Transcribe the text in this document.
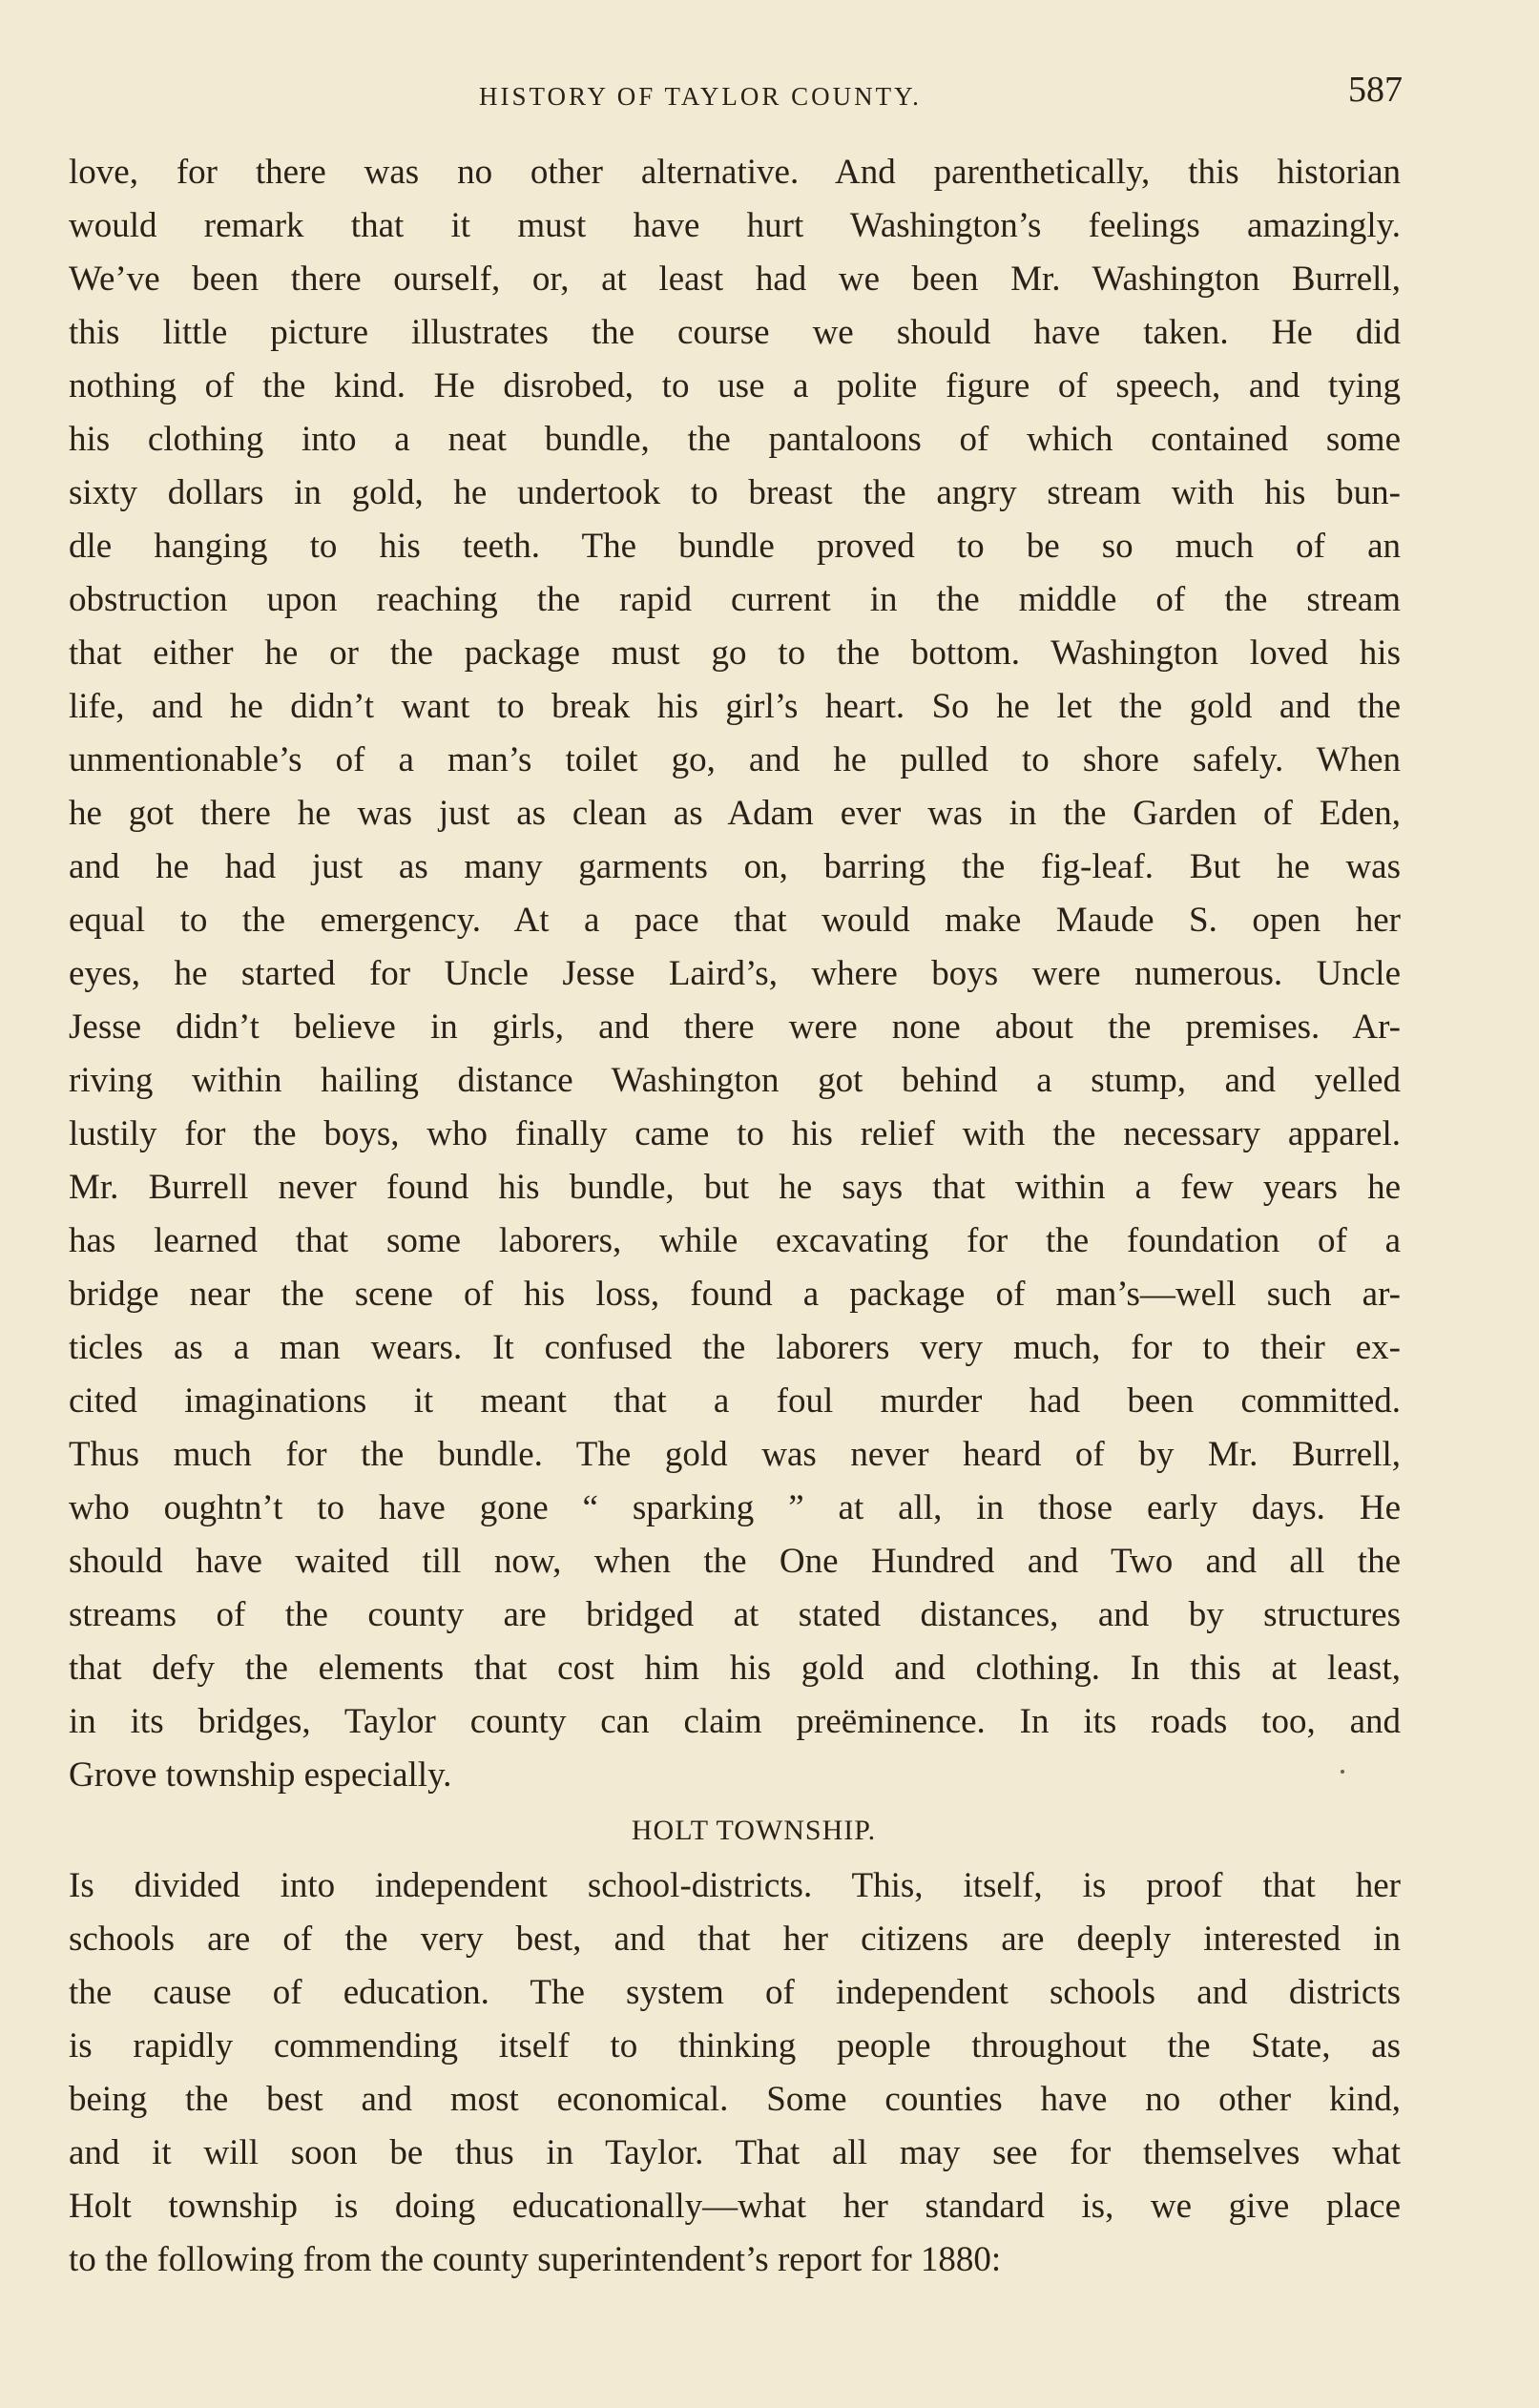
HISTORY OF TAYLOR COUNTY.	587
love, for there was no other alternative. And parenthetically, this historian
would remark that it must have hurt Washington’s feelings amazingly.
We’ve been there ourself, or, at least had we been Mr. Washington Burrell,
this little picture illustrates the course we should have taken. He did
nothing of the kind. He disrobed, to use a polite figure of speech, and tying
his clothing into a neat bundle, the pantaloons of which contained some
sixty dollars in gold, he undertook to breast the angry stream with his bun-
dle hanging to his teeth. The bundle proved to be so much of an
obstruction upon reaching the rapid current in the middle of the stream
that either he or the package must go to the bottom. Washington loved his
life, and he didn’t want to break his girl’s heart. So he let the gold and the
unmentionable’s of a man’s toilet go, and he pulled to shore safely. When
he got there he was just as clean as Adam ever was in the Garden of Eden,
and he had just as many garments on, barring the fig-leaf. But he was
equal to the emergency. At a pace that would make Maude S. open her
eyes, he started for Uncle Jesse Laird’s, where boys were numerous. Uncle
Jesse didn’t believe in girls, and there were none about the premises. Ar-
riving within hailing distance Washington got behind a stump, and yelled
lustily for the boys, who finally came to his relief with the necessary apparel.
Mr. Burrell never found his bundle, but he says that within a few years he
has learned that some laborers, while excavating for the foundation of a
bridge near the scene of his loss, found a package of man’s—well such ar-
ticles as a man wears. It confused the laborers very much, for to their ex-
cited imaginations it meant that a foul murder had been committed.
Thus much for the bundle. The gold was never heard of by Mr. Burrell,
who oughtn’t to have gone “ sparking ” at all, in those early days. He
should have waited till now, when the One Hundred and Two and all the
streams of the county are bridged at stated distances, and by structures
that defy the elements that cost him his gold and clothing. In this at least,
in its bridges, Taylor county can claim preëminence. In its roads too, and
Grove township especially.
HOLT TOWNSHIP.
Is divided into independent school-districts. This, itself, is proof that her
schools are of the very best, and that her citizens are deeply interested in
the cause of education. The system of independent schools and districts
is rapidly commending itself to thinking people throughout the State, as
being the best and most economical. Some counties have no other kind,
and it will soon be thus in Taylor. That all may see for themselves what
Holt township is doing educationally—what her standard is, we give place
to the following from the county superintendent’s report for 1880:
